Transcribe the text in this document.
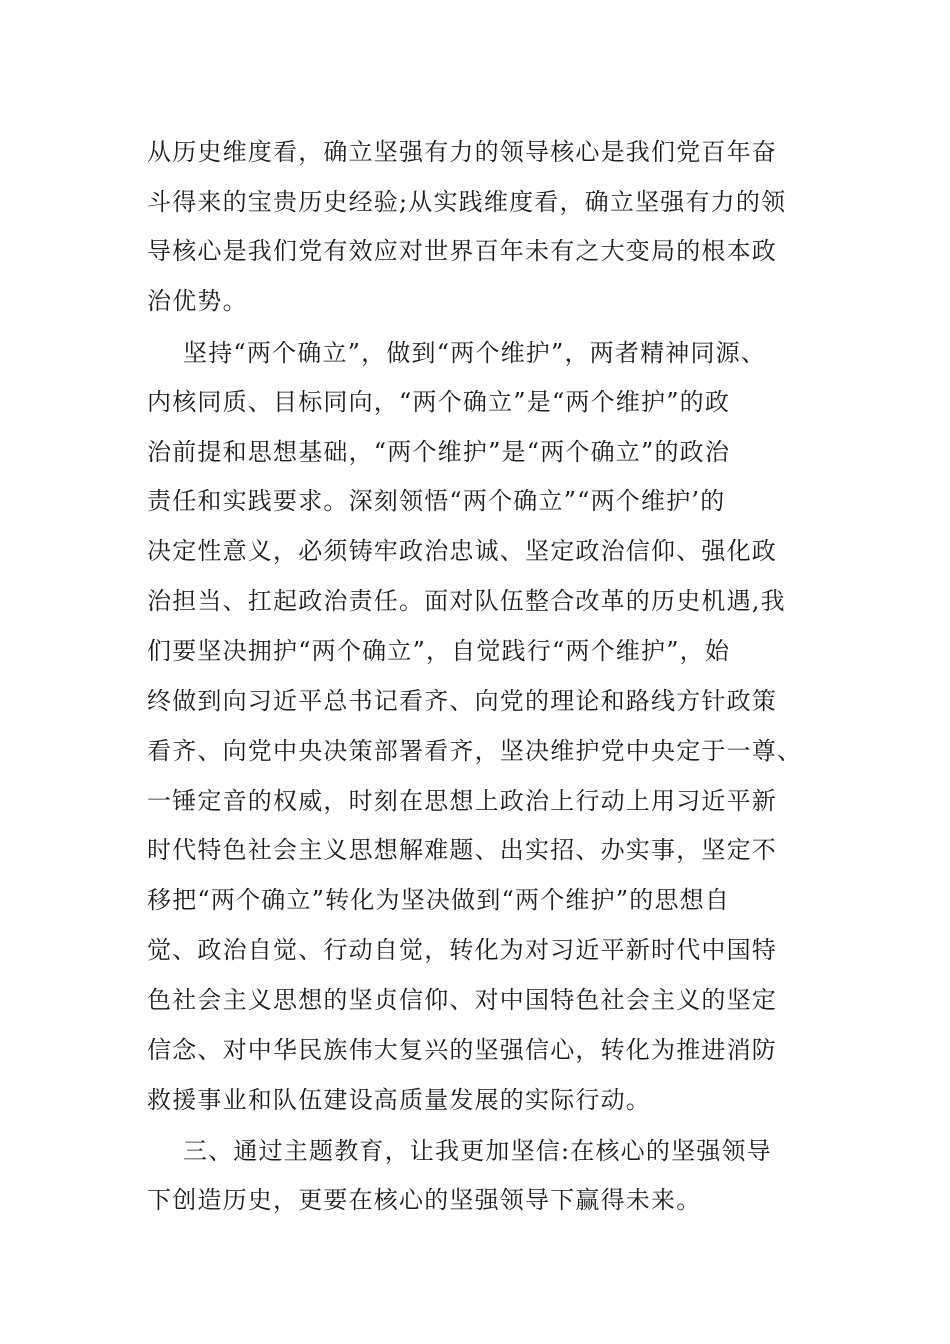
从历史维度看，确立坚强有力的领导核心是我们党百年奋
斗得来的宝贵历史经验;从实践维度看，确立坚强有力的领
导核心是我们党有效应对世界百年未有之大变局的根本政
治优势。
坚持“两个确立”，做到“两个维护”，两者精神同源、
内核同质、目标同向，“两个确立”是“两个维护”的政
治前提和思想基础，“两个维护”是“两个确立”的政治
责任和实践要求。深刻领悟“两个确立”“两个维护’的
决定性意义，必须铸牢政治忠诚、坚定政治信仰、强化政
治担当、扛起政治责任。面对队伍整合改革的历史机遇,我
们要坚决拥护“两个确立”，自觉践行“两个维护”，始
终做到向习近平总书记看齐、向党的理论和路线方针政策
看齐、向党中央决策部署看齐，坚决维护党中央定于一尊、
一锤定音的权威，时刻在思想上政治上行动上用习近平新
时代特色社会主义思想解难题、出实招、办实事，坚定不
移把“两个确立”转化为坚决做到“两个维护”的思想自
觉、政治自觉、行动自觉，转化为对习近平新时代中国特
色社会主义思想的坚贞信仰、对中国特色社会主义的坚定
信念、对中华民族伟大复兴的坚强信心，转化为推进消防
救援事业和队伍建设高质量发展的实际行动。
三、通过主题教育，让我更加坚信:在核心的坚强领导
下创造历史，更要在核心的坚强领导下赢得未来。
